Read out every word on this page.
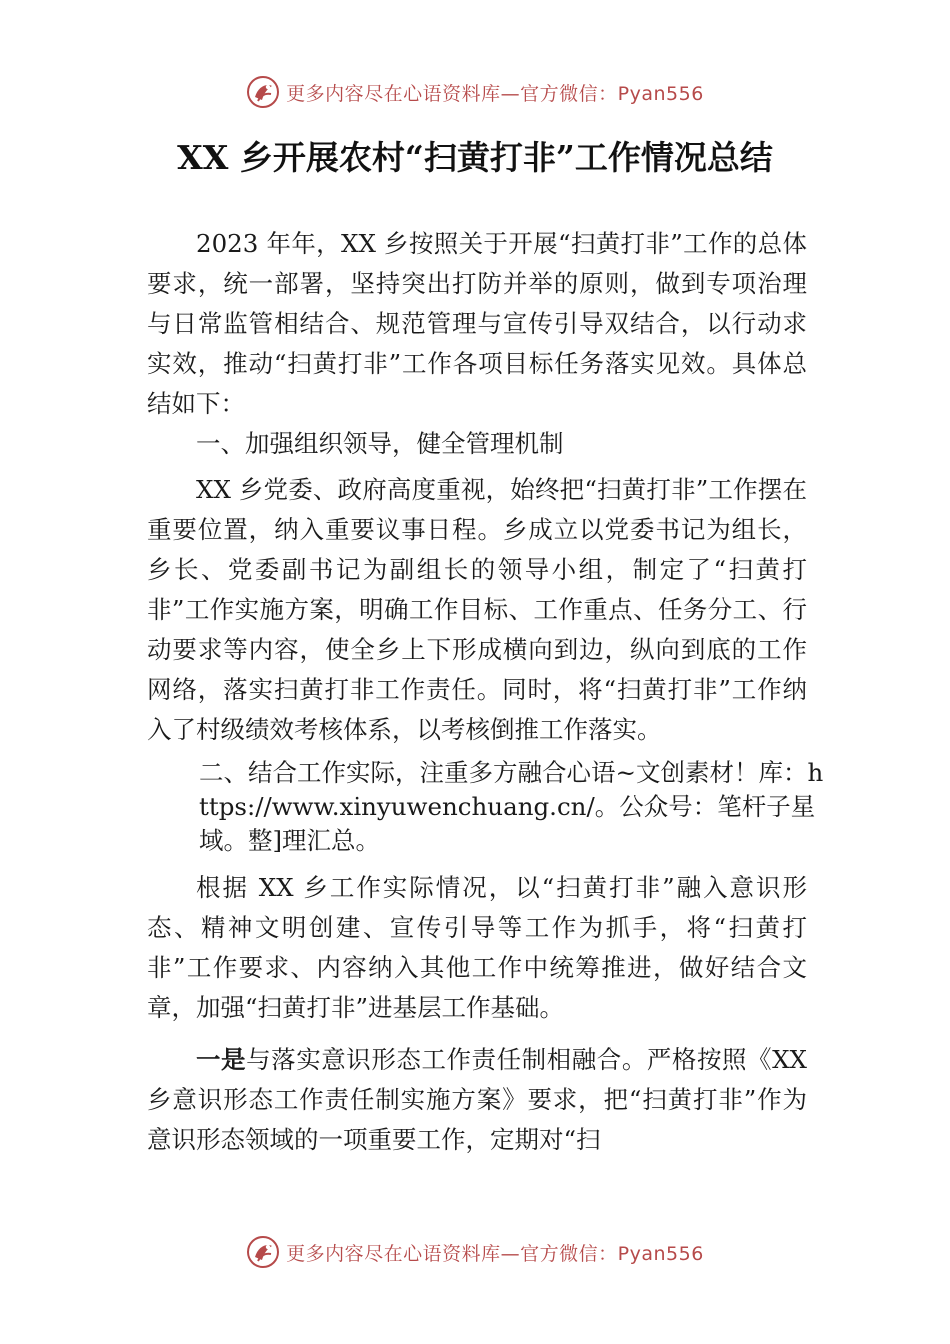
更多内容尽在心语资料库—官方微信：Pyan556
XX 乡开展农村“扫黄打非”工作情况总结

2023 年年，XX 乡按照关于开展“扫黄打非”工作的总体要求，统一部署，坚持突出打防并举的原则，做到专项治理与日常监管相结合、规范管理与宣传引导双结合，以行动求实效，推动“扫黄打非”工作各项目标任务落实见效。具体总结如下：

一、加强组织领导，健全管理机制

XX 乡党委、政府高度重视，始终把“扫黄打非”工作摆在重要位置，纳入重要议事日程。乡成立以党委书记为组长，乡长、党委副书记为副组长的领导小组，制定了“扫黄打非”工作实施方案，明确工作目标、工作重点、任务分工、行动要求等内容，使全乡上下形成横向到边，纵向到底的工作网络，落实扫黄打非工作责任。同时，将“扫黄打非”工作纳入了村级绩效考核体系，以考核倒推工作落实。

二、结合工作实际，注重多方融合心语~文创素材！库：https://www.xinyuwenchuang.cn/。公众号：笔杆子星域。整]理汇总。

根据 XX 乡工作实际情况，以“扫黄打非”融入意识形态、精神文明创建、宣传引导等工作为抓手，将“扫黄打非”工作要求、内容纳入其他工作中统筹推进，做好结合文章，加强“扫黄打非”进基层工作基础。

一是与落实意识形态工作责任制相融合。严格按照《XX 乡意识形态工作责任制实施方案》要求，把“扫黄打非”作为意识形态领域的一项重要工作，定期对“扫

更多内容尽在心语资料库—官方微信：Pyan556
